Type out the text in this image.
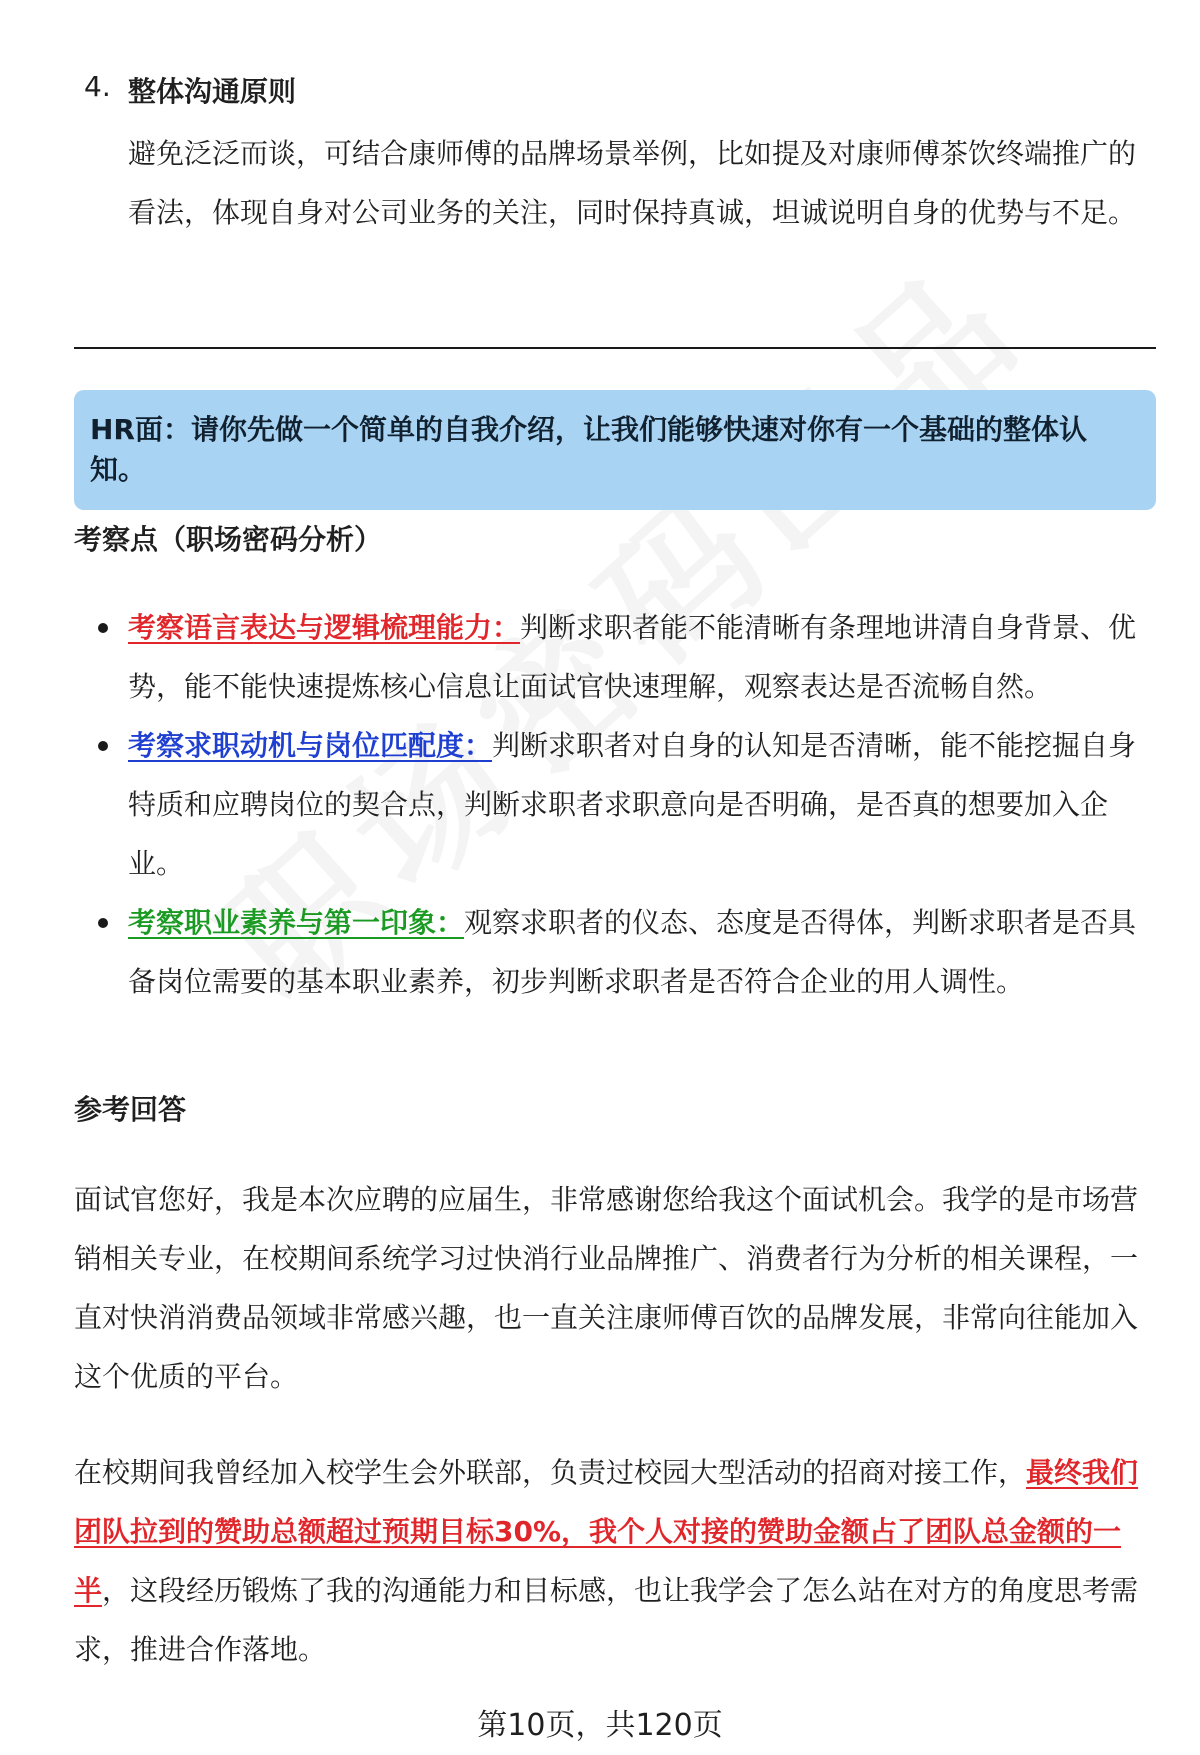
4. 整体沟通原则
避免泛泛而谈，可结合康师傅的品牌场景举例，比如提及对康师傅茶饮终端推广的看法，体现自身对公司业务的关注，同时保持真诚，坦诚说明自身的优势与不足。
HR面：请你先做一个简单的自我介绍，让我们能够快速对你有一个基础的整体认知。
考察点（职场密码分析）
考察语言表达与逻辑梳理能力：判断求职者能不能清晰有条理地讲清自身背景、优势，能不能快速提炼核心信息让面试官快速理解，观察表达是否流畅自然。
考察求职动机与岗位匹配度：判断求职者对自身的认知是否清晰，能不能挖掘自身特质和应聘岗位的契合点，判断求职者求职意向是否明确，是否真的想要加入企业。
考察职业素养与第一印象：观察求职者的仪态、态度是否得体，判断求职者是否具备岗位需要的基本职业素养，初步判断求职者是否符合企业的用人调性。
参考回答

面试官您好，我是本次应聘的应届生，非常感谢您给我这个面试机会。我学的是市场营销相关专业，在校期间系统学习过快消行业品牌推广、消费者行为分析的相关课程，一直对快消消费品领域非常感兴趣，也一直关注康师傅百饮的品牌发展，非常向往能加入这个优质的平台。

在校期间我曾经加入校学生会外联部，负责过校园大型活动的招商对接工作，最终我们团队拉到的赞助总额超过预期目标30%，我个人对接的赞助金额占了团队总金额的一半，这段经历锻炼了我的沟通能力和目标感，也让我学会了怎么站在对方的角度思考需求，推进合作落地。

第10页，共120页
